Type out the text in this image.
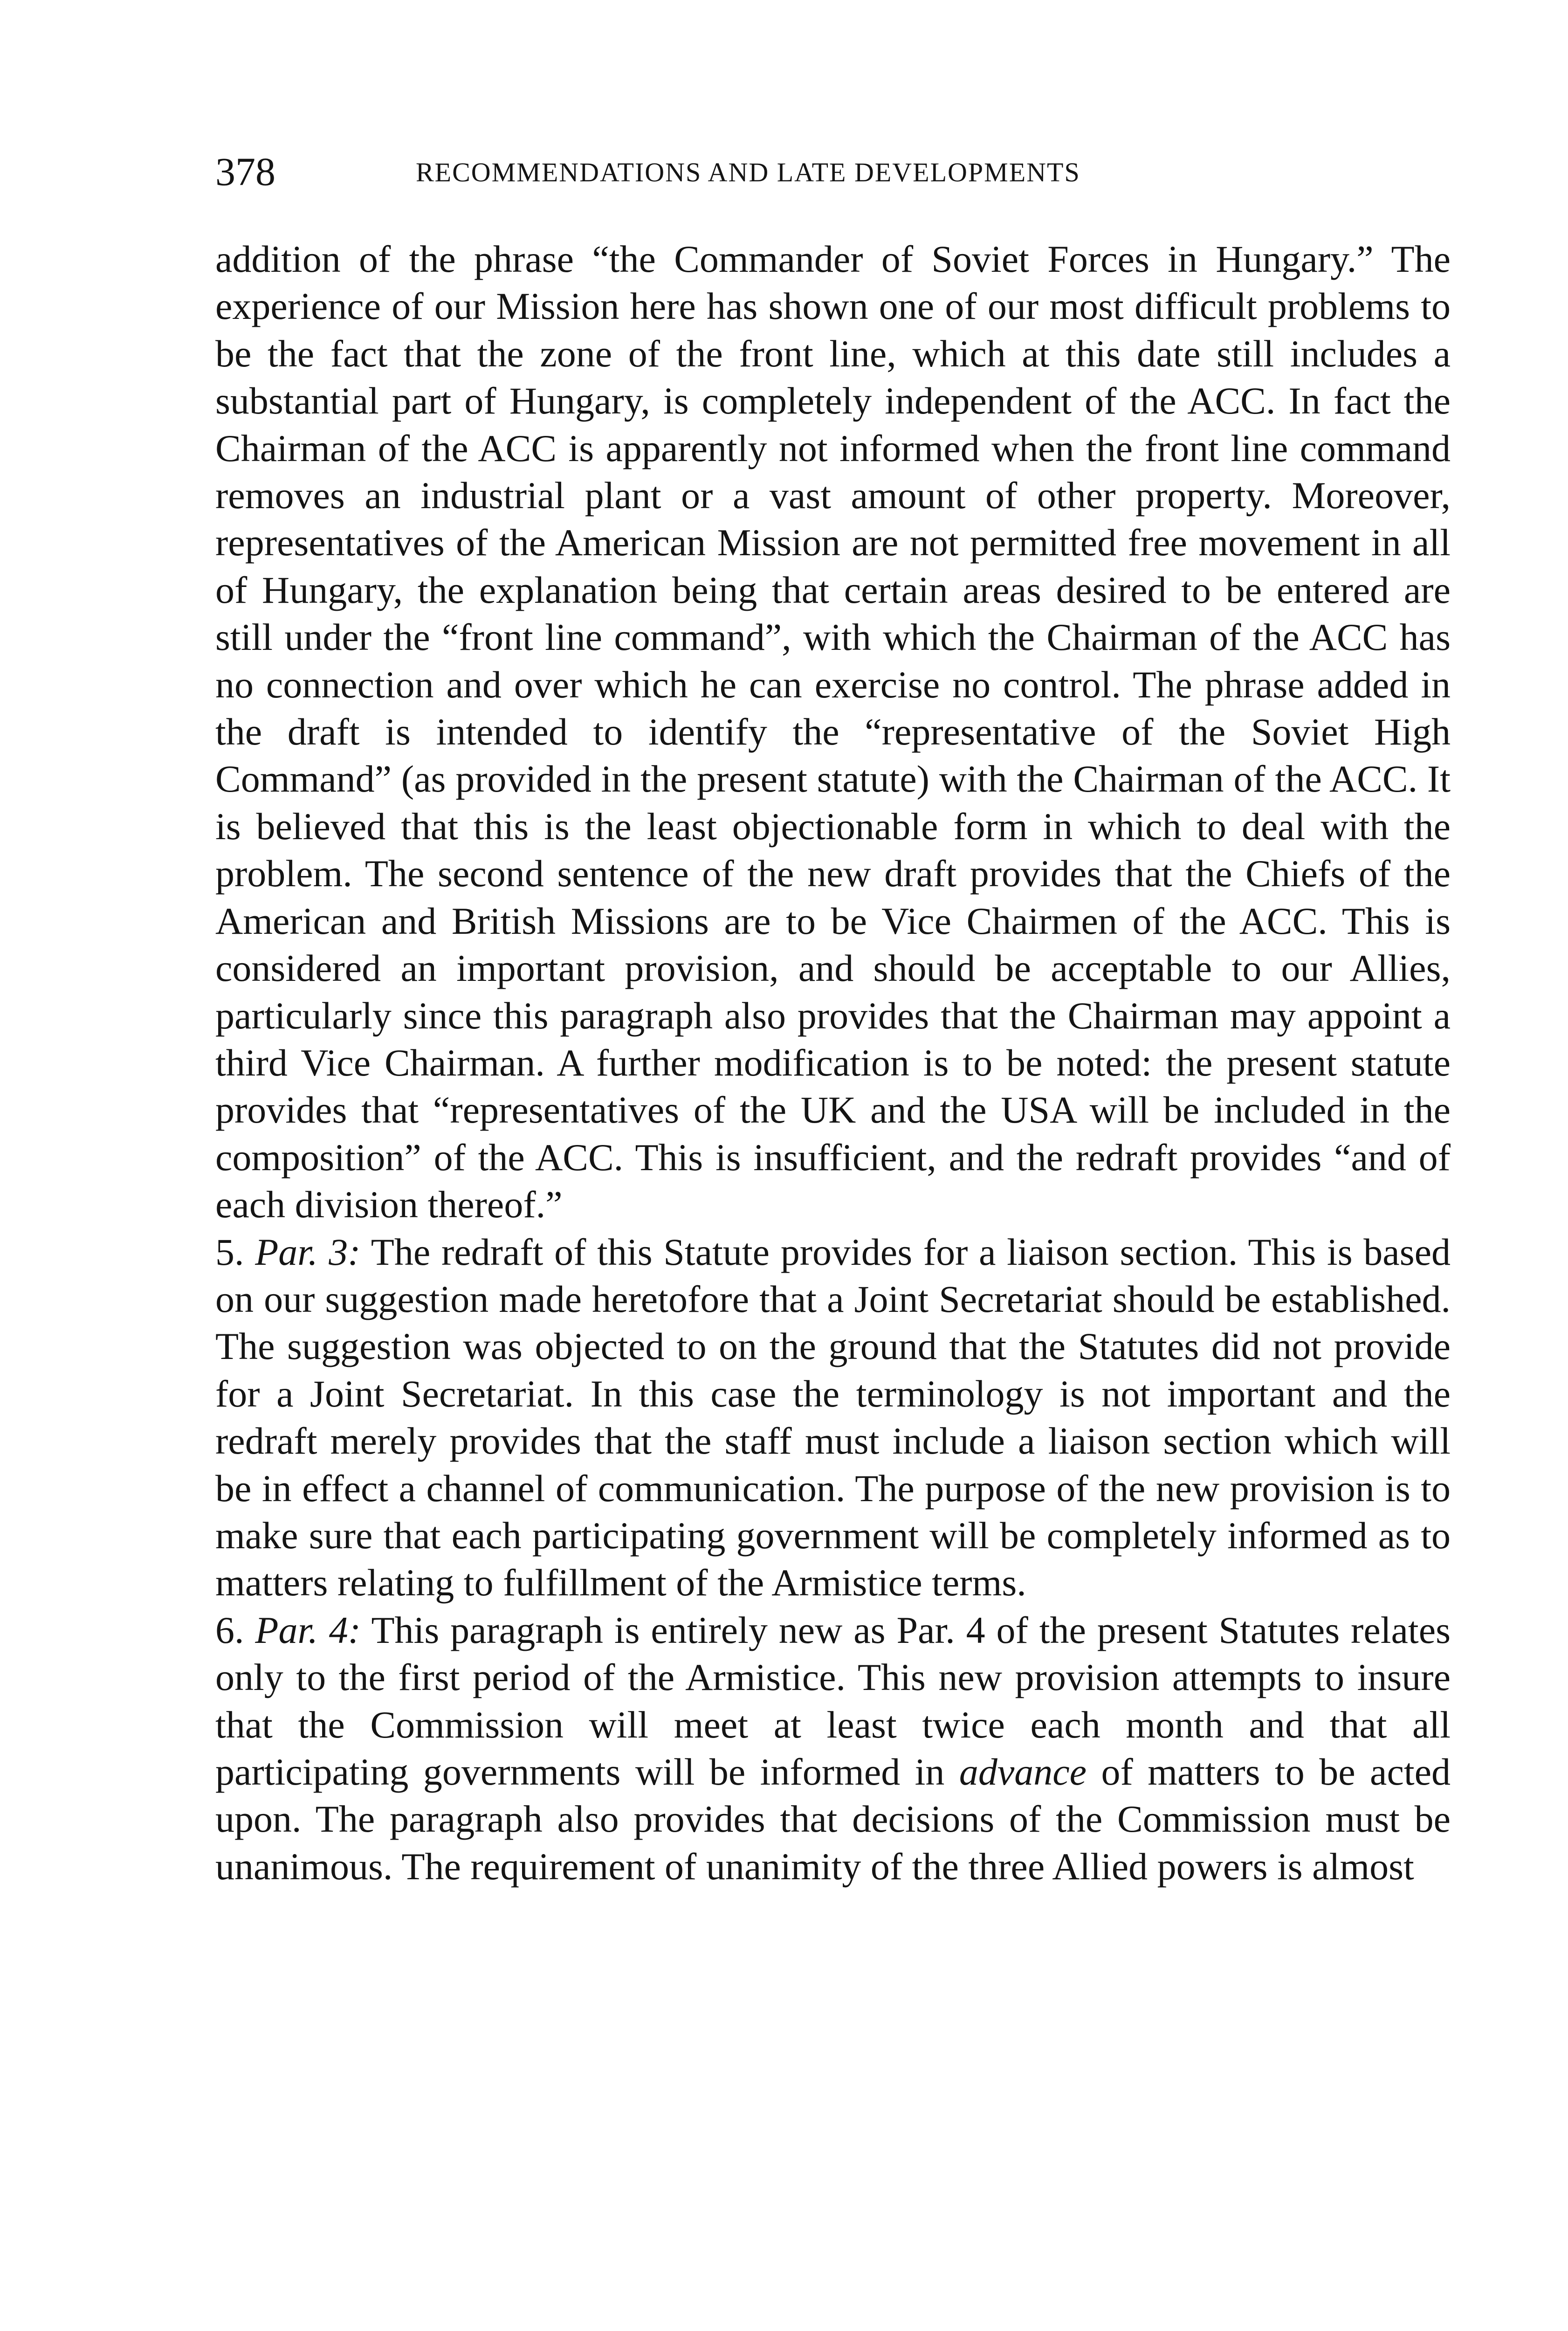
378	RECOMMENDATIONS AND LATE DEVELOPMENTS

addition of the phrase “the Commander of Soviet Forces in Hungary.” The experience of our Mission here has shown one of our most difficult problems to be the fact that the zone of the front line, which at this date still includes a substantial part of Hungary, is completely independent of the ACC. In fact the Chairman of the ACC is apparently not informed when the front line command removes an industrial plant or a vast amount of other property. Moreover, representatives of the American Mission are not permitted free movement in all of Hungary, the explanation being that certain areas desired to be entered are still under the “front line command”, with which the Chairman of the ACC has no connection and over which he can exercise no control. The phrase added in the draft is intended to identify the “representative of the Soviet High Command” (as provided in the present statute) with the Chairman of the ACC. It is believed that this is the least objectionable form in which to deal with the problem. The second sentence of the new draft provides that the Chiefs of the American and British Missions are to be Vice Chairmen of the ACC. This is considered an important provision, and should be acceptable to our Allies, particularly since this paragraph also provides that the Chairman may appoint a third Vice Chairman. A further modification is to be noted: the present statute provides that “representatives of the UK and the USA will be included in the composition” of the ACC. This is insufficient, and the redraft provides “and of each division thereof.”

5. Par. 3: The redraft of this Statute provides for a liaison section. This is based on our suggestion made heretofore that a Joint Secretariat should be established. The suggestion was objected to on the ground that the Statutes did not provide for a Joint Secretariat. In this case the terminology is not important and the redraft merely provides that the staff must include a liaison section which will be in effect a channel of communication. The purpose of the new provision is to make sure that each participating government will be completely informed as to matters relating to fulfillment of the Armistice terms.

6. Par. 4: This paragraph is entirely new as Par. 4 of the present Statutes relates only to the first period of the Armistice. This new provision attempts to insure that the Commission will meet at least twice each month and that all participating governments will be informed in advance of matters to be acted upon. The paragraph also provides that decisions of the Commission must be unanimous. The requirement of unanimity of the three Allied powers is almost
